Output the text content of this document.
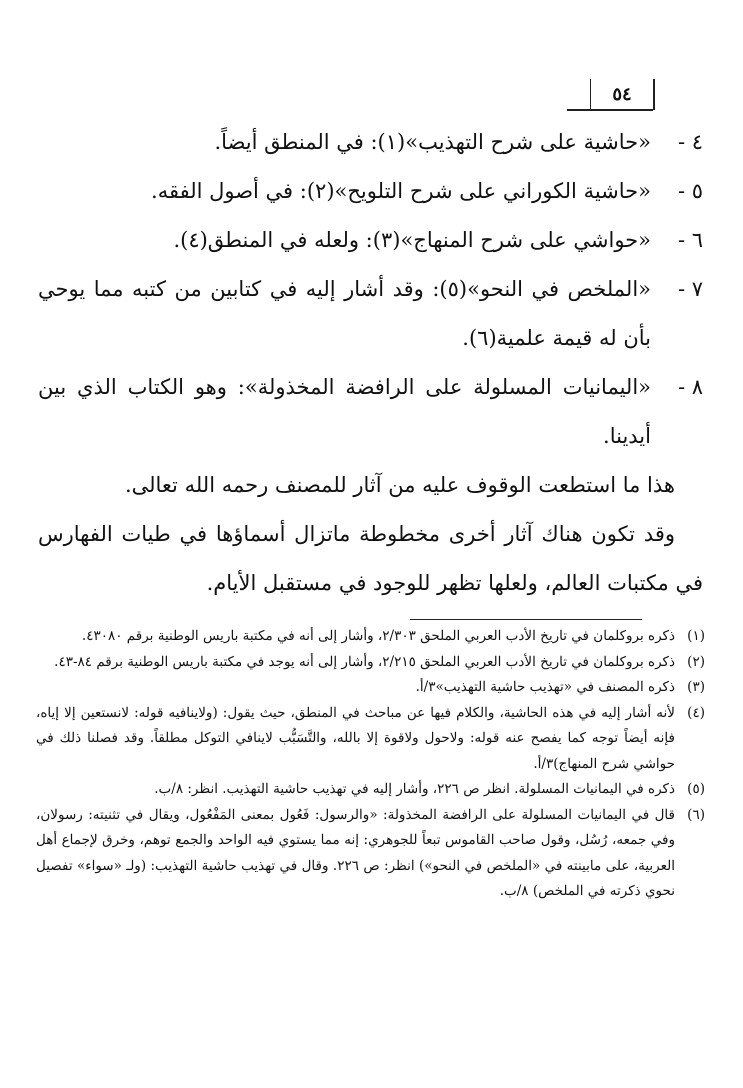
٥٤
٤ -
«حاشية على شرح التهذيب»(١): في المنطق أيضاً.
٥ -
«حاشية الكوراني على شرح التلويح»(٢): في أصول الفقه.
٦ -
«حواشي على شرح المنهاج»(٣): ولعله في المنطق(٤).
٧ -
«الملخص في النحو»(٥): وقد أشار إليه في كتابين من كتبه مما يوحي بأن له قيمة علمية(٦).
٨ -
«اليمانيات المسلولة على الرافضة المخذولة»: وهو الكتاب الذي بين أيدينا.
هذا ما استطعت الوقوف عليه من آثار للمصنف رحمه الله تعالى.
وقد تكون هناك آثار أخرى مخطوطة ماتزال أسماؤها في طيات الفهارس في مكتبات العالم، ولعلها تظهر للوجود في مستقبل الأيام.
(١)
ذكره بروكلمان في تاريخ الأدب العربي الملحق ٢/٣٠٣، وأشار إلى أنه في مكتبة باريس الوطنية برقم ٤٣٠٨٠.
(٢)
ذكره بروكلمان في تاريخ الأدب العربي الملحق ٢/٢١٥، وأشار إلى أنه يوجد في مكتبة باريس الوطنية برقم ٨٤-٤٣.
(٣)
ذكره المصنف في «تهذيب حاشية التهذيب»٣/أ.
(٤)
لأنه أشار إليه في هذه الحاشية، والكلام فيها عن مباحث في المنطق، حيث يقول: (ولاينافيه قوله: لانستعين إلا إياه، فإنه أيضاً توجه كما يفصح عنه قوله: ولاحول ولاقوة إلا بالله، والتَّسَبُّب لاينافي التوكل مطلقاً. وقد فصلنا ذلك في حواشي شرح المنهاج)٣/أ.
(٥)
ذكره في اليمانيات المسلولة. انظر ص ٢٢٦، وأشار إليه في تهذيب حاشية التهذيب. انظر: ٨/ب.
(٦)
قال في اليمانيات المسلولة على الرافضة المخذولة: «والرسول: فَعُول بمعنى المَفْعُول، ويقال في تثنيته: رسولان، وفي جمعه، رُسُل، وقول صاحب القاموس تبعاً للجوهري: إنه مما يستوي فيه الواحد والجمع توهم، وخرق لإجماع أهل العربية، على مابينته في «الملخص في النحو») انظر: ص ٢٢٦. وقال في تهذيب حاشية التهذيب: (ولـ «سواء» تفصيل نحوي ذكرته في الملخص) ٨/ب.
